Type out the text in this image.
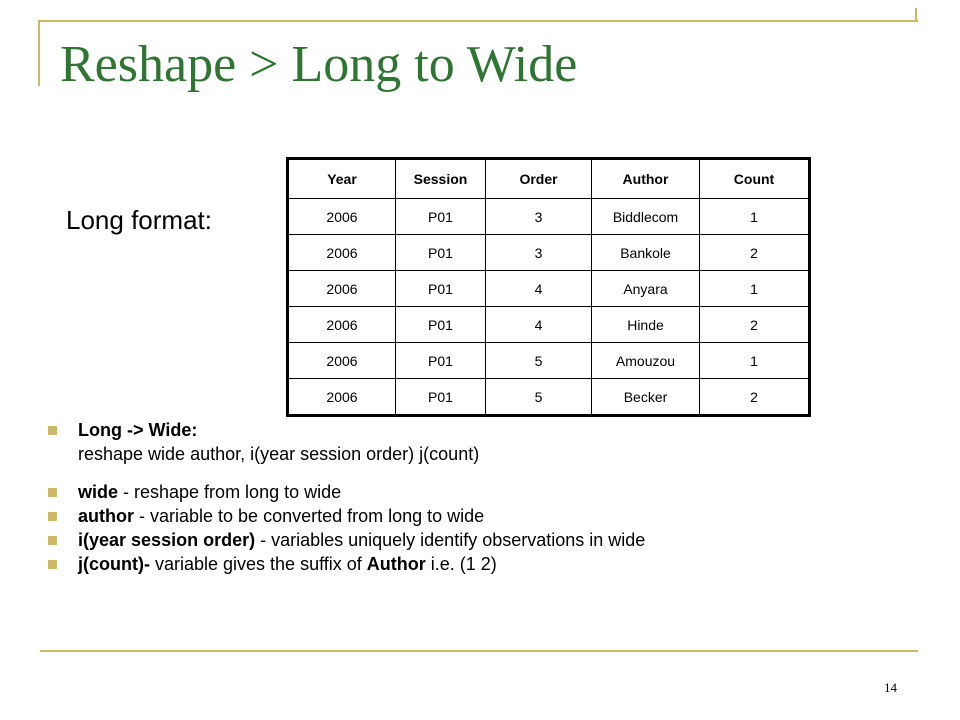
Reshape > Long to Wide
Long format:
Year	Session	Order	Author	Count
2006	P01	3	Biddlecom	1
2006	P01	3	Bankole	2
2006	P01	4	Anyara	1
2006	P01	4	Hinde	2
2006	P01	5	Amouzou	1
2006	P01	5	Becker	2
Long -> Wide:
reshape wide author, i(year session order) j(count)
wide - reshape from long to wide
author - variable to be converted from long to wide
i(year session order) - variables uniquely identify observations in wide
j(count)- variable gives the suffix of Author i.e. (1 2)
14
